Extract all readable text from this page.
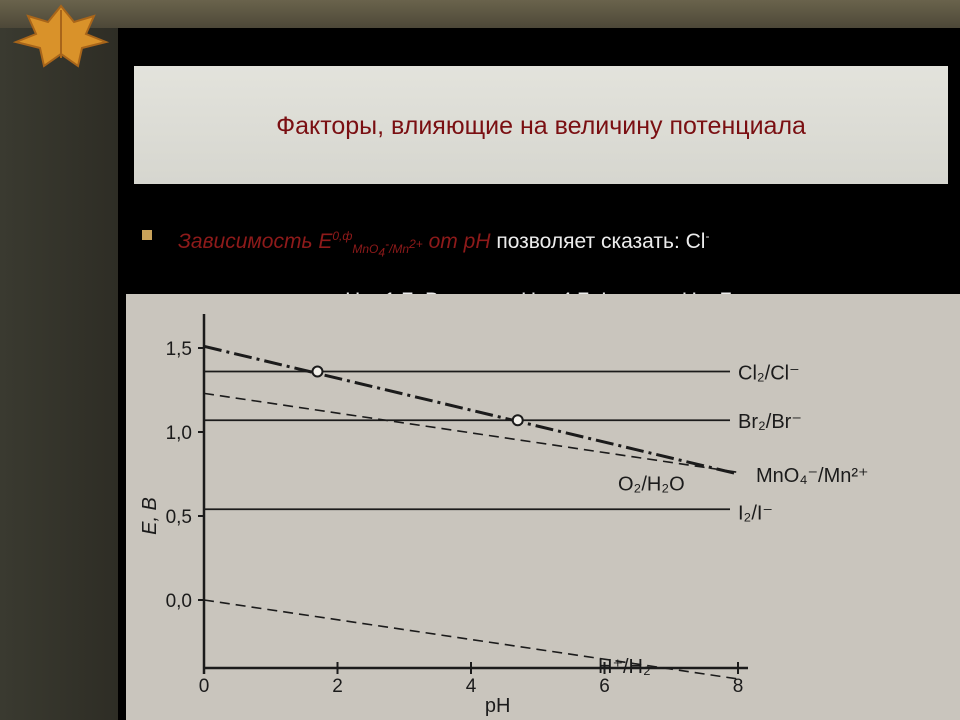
Факторы, влияющие на величину потенциала
Зависимость $E^{0,ф}_{MnO_4^-/Mn^{2+}}$ от pH позволяет сказать: Cl-

0,0
0,5
1,0
1,5
0	2	4	6	8
pH
E, В
Cl₂/Cl⁻
Br₂/Br⁻
I₂/I⁻
MnO₄⁻/Mn²⁺
O₂/H₂O
H⁺/H₂
